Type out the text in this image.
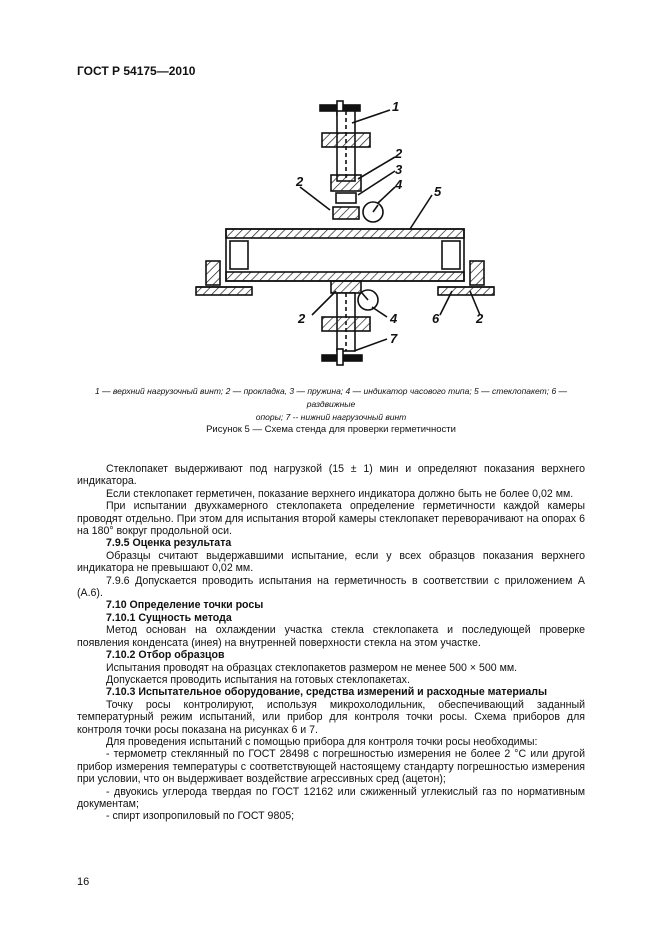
ГОСТ Р 54175—2010
1
2
3
4
2
5
2	4	6	2
7
1 — верхний нагрузочный винт; 2 — прокладка, 3 — пружина; 4 — индикатор часового типа; 5 — стеклопакет; 6 — раздвижные
опоры; 7 -- нижний нагрузочный винт
Рисунок 5 — Схема стенда для проверки герметичности

Стеклопакет выдерживают под нагрузкой (15 ± 1) мин и определяют показания верхнего индикатора.

Если стеклопакет герметичен, показание верхнего индикатора должно быть не более 0,02 мм.

При испытании двухкамерного стеклопакета определение герметичности каждой камеры проводят отдельно. При этом для испытания второй камеры стеклопакет переворачивают на опорах 6 на 180° вокруг продольной оси.

7.9.5 Оценка результата

Образцы считают выдержавшими испытание, если у всех образцов показания верхнего индикатора не превышают 0,02 мм.

7.9.6 Допускается проводить испытания на герметичность в соответствии с приложением А (А.6).

7.10 Определение точки росы

7.10.1 Сущность метода

Метод основан на охлаждении участка стекла стеклопакета и последующей проверке появления конденсата (инея) на внутренней поверхности стекла на этом участке.

7.10.2 Отбор образцов

Испытания проводят на образцах стеклопакетов размером не менее 500 × 500 мм.

Допускается проводить испытания на готовых стеклопакетах.

7.10.3 Испытательное оборудование, средства измерений и расходные материалы

Точку росы контролируют, используя микрохолодильник, обеспечивающий заданный температурный режим испытаний, или прибор для контроля точки росы. Схема приборов для контроля точки росы показана на рисунках 6 и 7.

Для проведения испытаний с помощью прибора для контроля точки росы необходимы:

- термометр стеклянный по ГОСТ 28498 с погрешностью измерения не более 2 °С или другой прибор измерения температуры с соответствующей настоящему стандарту погрешностью измерения при условии, что он выдерживает воздействие агрессивных сред (ацетон);

- двуокись углерода твердая по ГОСТ 12162 или сжиженный углекислый газ по нормативным документам;

- спирт изопропиловый по ГОСТ 9805;

16
